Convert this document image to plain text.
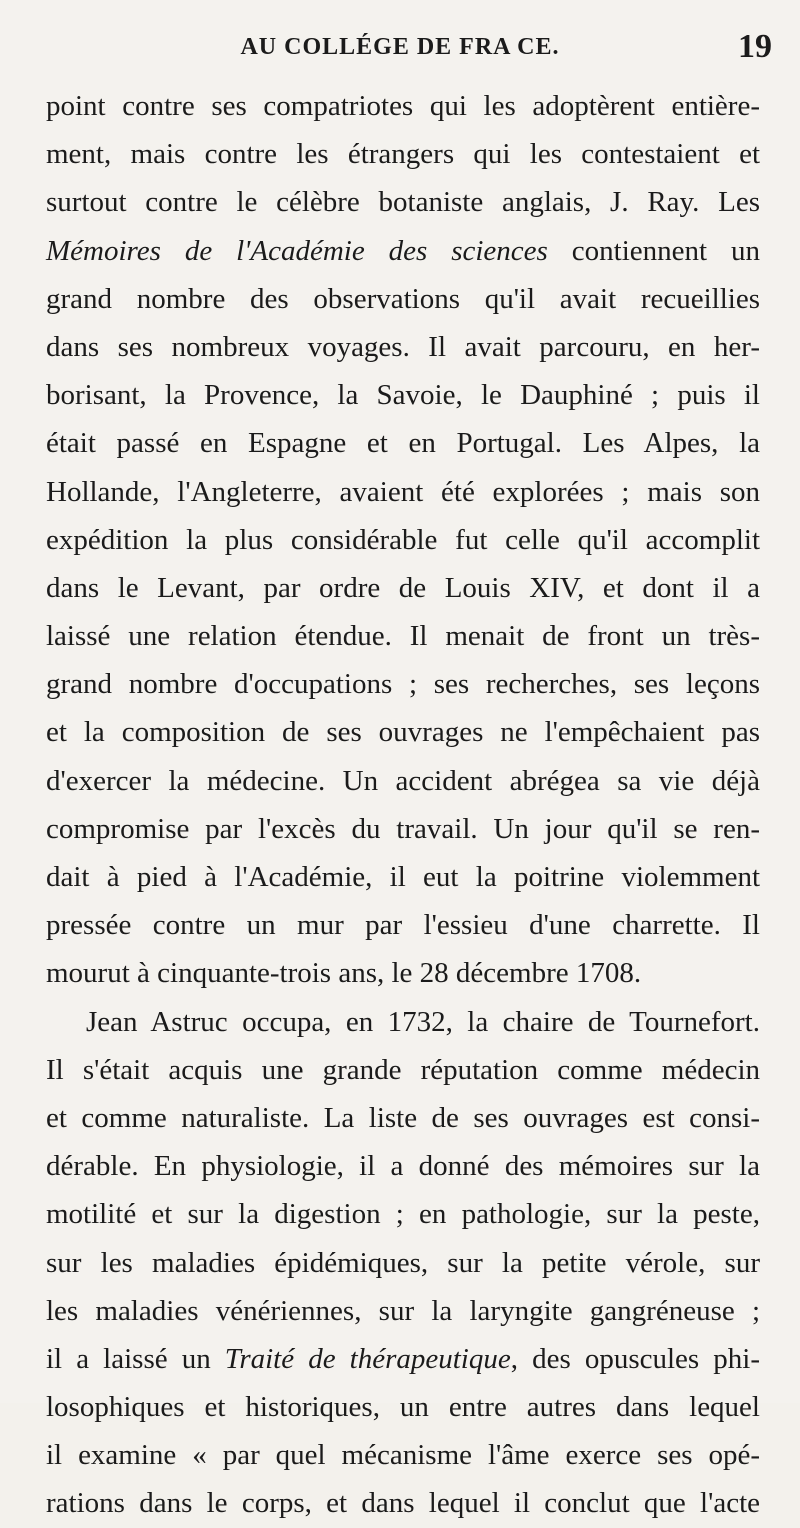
AU COLLÉGE DE FRA CE.	19
point contre ses compatriotes qui les adoptèrent entière-
ment, mais contre les étrangers qui les contestaient et
surtout contre le célèbre botaniste anglais, J. Ray. Les
Mémoires de l'Académie des sciences contiennent un
grand nombre des observations qu'il avait recueillies
dans ses nombreux voyages. Il avait parcouru, en her-
borisant, la Provence, la Savoie, le Dauphiné ; puis il
était passé en Espagne et en Portugal. Les Alpes, la
Hollande, l'Angleterre, avaient été explorées ; mais son
expédition la plus considérable fut celle qu'il accomplit
dans le Levant, par ordre de Louis XIV, et dont il a
laissé une relation étendue. Il menait de front un très-
grand nombre d'occupations ; ses recherches, ses leçons
et la composition de ses ouvrages ne l'empêchaient pas
d'exercer la médecine. Un accident abrégea sa vie déjà
compromise par l'excès du travail. Un jour qu'il se ren-
dait à pied à l'Académie, il eut la poitrine violemment
pressée contre un mur par l'essieu d'une charrette. Il
mourut à cinquante-trois ans, le 28 décembre 1708.
Jean Astruc occupa, en 1732, la chaire de Tournefort.
Il s'était acquis une grande réputation comme médecin
et comme naturaliste. La liste de ses ouvrages est consi-
dérable. En physiologie, il a donné des mémoires sur la
motilité et sur la digestion ; en pathologie, sur la peste,
sur les maladies épidémiques, sur la petite vérole, sur
les maladies vénériennes, sur la laryngite gangréneuse ;
il a laissé un Traité de thérapeutique, des opuscules phi-
losophiques et historiques, un entre autres dans lequel
il examine « par quel mécanisme l'âme exerce ses opé-
rations dans le corps, et dans lequel il conclut que l'acte
